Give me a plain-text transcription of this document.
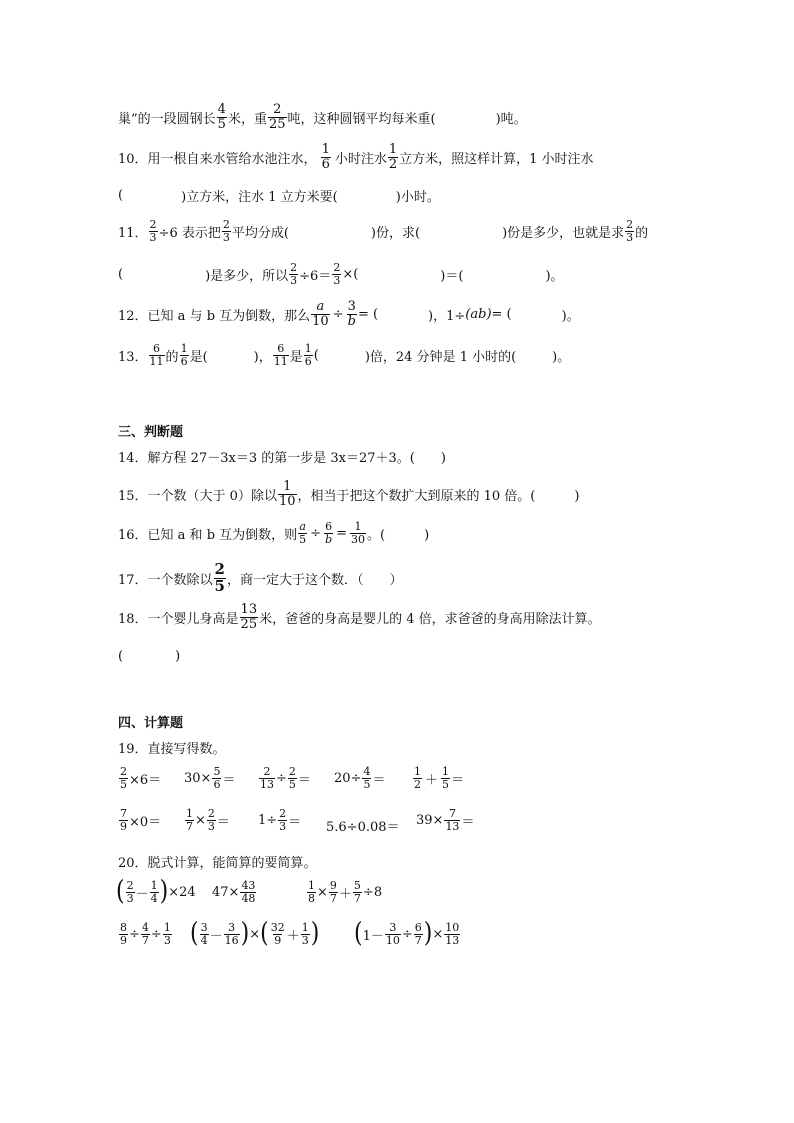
巢”的一段圆钢长 $\frac{4}{5}$ 米，重 $\frac{2}{25}$ 吨，这种圆钢平均每米重(	)吨。
10． 用一根自来水管给水池注水， $\frac{1}{6}$ 小时注水 $\frac{1}{2}$ 立方米，照这样计算，1 小时注水
(	)立方米，注水 1 立方米要(	)小时。
11． $\frac{2}{3} \div 6$ 表示把 $\frac{2}{3}$ 平均分成(	)份，求(	)份是多少，也就是求 $\frac{2}{3}$ 的
(	)是多少，所以 $\frac{2}{3} \div 6= \frac{2}{3}$ ×(	)＝(	)。
12． 已知 a 与 b 互为倒数，那么 $\frac{a}{10} \div \frac{3}{b}$ = (	)，1÷ (ab) = (	)。
13． $\frac{6}{11}$ 的 $\frac{1}{6}$ 是(	)， $\frac{6}{11}$ 是 $\frac{1}{6}$ (	)倍，24 分钟是 1 小时的(	)。
三、判断题
14．解方程 27－3x＝3 的第一步是 3x＝27＋3。(　　)
15．一个数（大于 0）除以 $\frac{1}{10}$ ，相当于把这个数扩大到原来的 10 倍。(　　　)
16．已知 a 和 b 互为倒数，则 $\frac{a}{5} \div \frac{6}{b} = \frac{1}{30}$ 。(　　　)
17．一个数除以 $\frac{2}{5}$ ，商一定大于这个数．（　　）
18．一个婴儿身高是 $\frac{13}{25}$ 米，爸爸的身高是婴儿的 4 倍，求爸爸的身高用除法计算。
(　　　　)
四、计算题
19．直接写得数。
$\frac{2}{5} \times 6= 30\times \frac{5}{6} = \frac{2}{13} \div \frac{2}{5} = 20\div \frac{4}{5}$ ＝	$\frac{1}{2} + \frac{1}{5}$ ＝
$\frac{7}{9} \times 0= \frac{1}{7} \times \frac{2}{3} = 1\div \frac{2}{3} = 5.6\div 0.08= 39\times \frac{7}{13}$ ＝
20．脱式计算，能简算的要简算。
( $\frac{2}{3} - \frac{1}{4}$ ) ×24 $47\times \frac{43}{48}$	$\frac{1}{8} \times \frac{9}{7} + \frac{5}{7} \div 8$
$\frac{8}{9} \div \frac{4}{7} \div \frac{1}{3}$ ( $\frac{3}{4} - \frac{3}{16}$ ) × ( $\frac{32}{9} + \frac{1}{3}$ ) ( $1- \frac{3}{10} \div \frac{6}{7}$ ) × $\frac{10}{13}$
